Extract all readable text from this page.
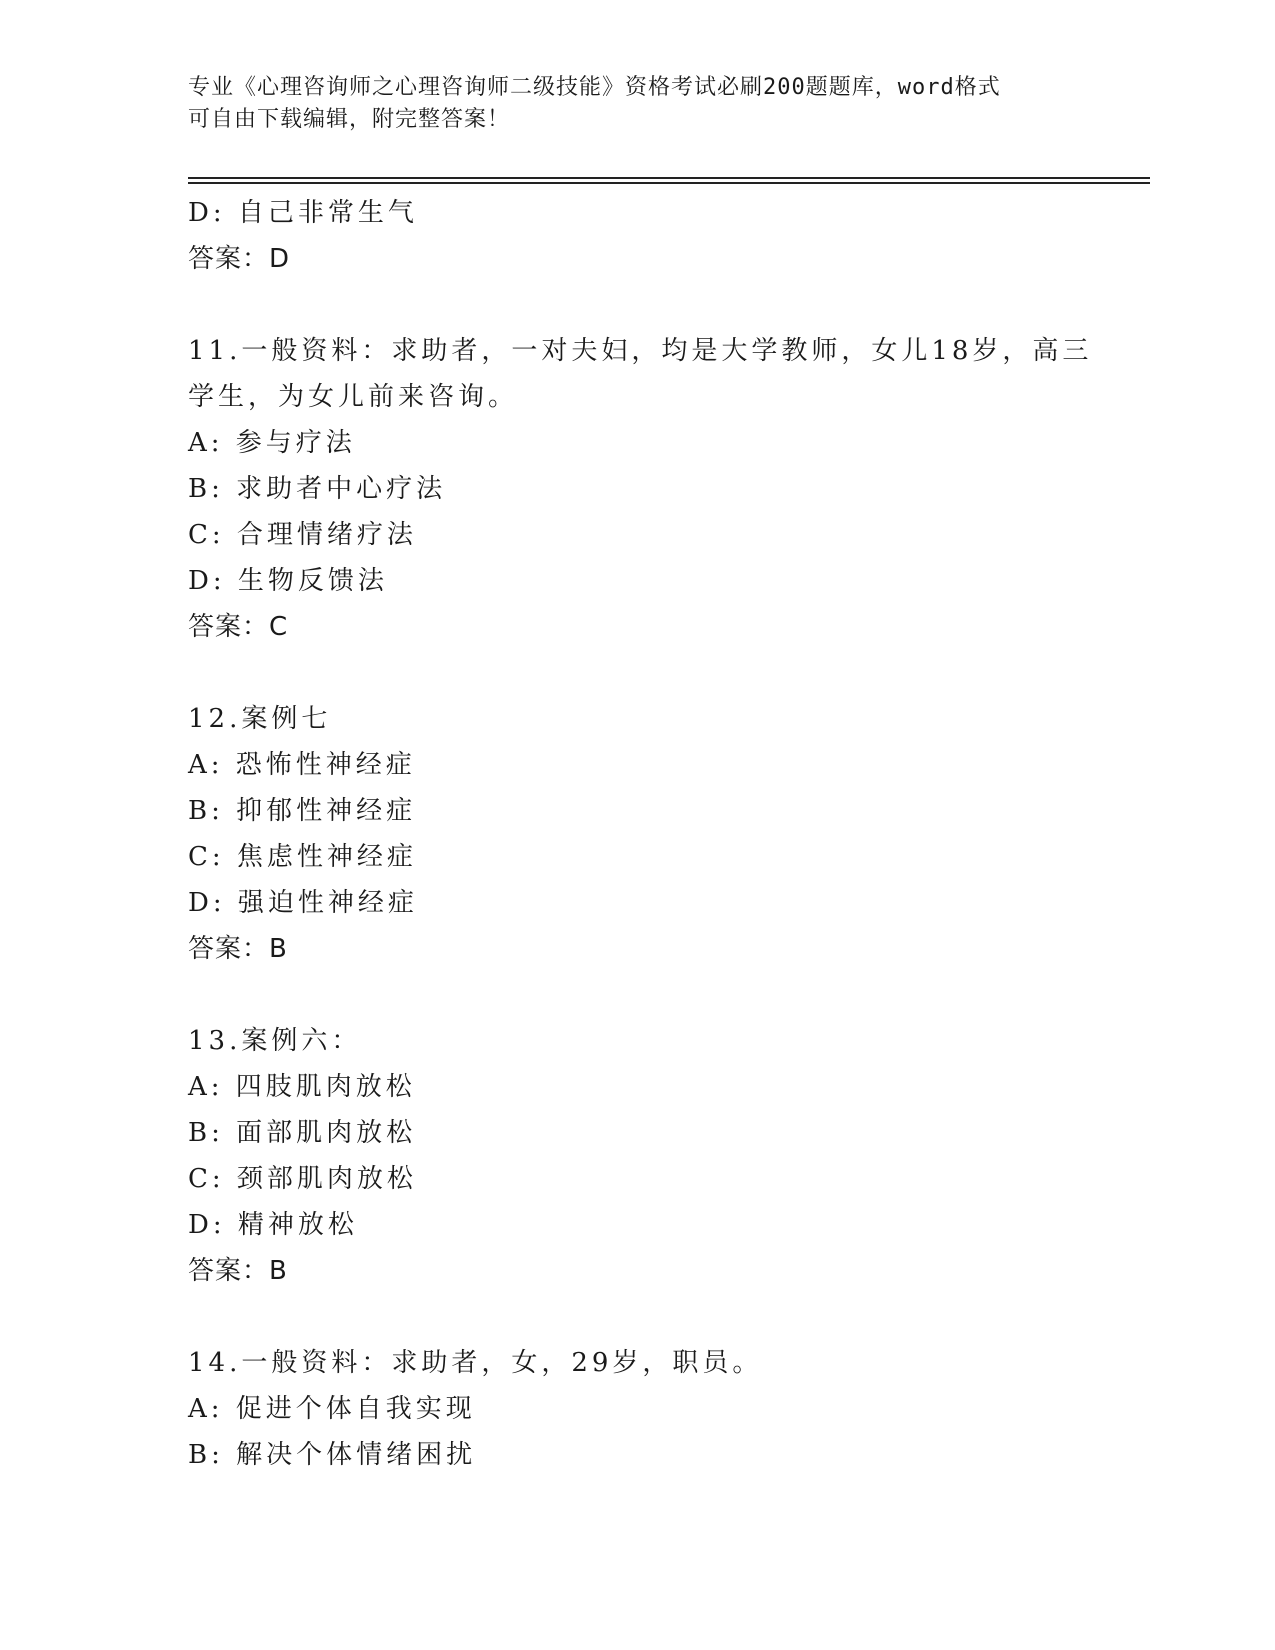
专业《心理咨询师之心理咨询师二级技能》资格考试必刷200题题库，word格式
可自由下载编辑，附完整答案！
D: 自己非常生气
答案：D
11.一般资料：求助者，一对夫妇，均是大学教师，女儿18岁，高三
学生，为女儿前来咨询。
A: 参与疗法
B: 求助者中心疗法
C: 合理情绪疗法
D: 生物反馈法
答案：C
12.案例七
A: 恐怖性神经症
B: 抑郁性神经症
C: 焦虑性神经症
D: 强迫性神经症
答案：B
13.案例六：
A: 四肢肌肉放松
B: 面部肌肉放松
C: 颈部肌肉放松
D: 精神放松
答案：B
14.一般资料：求助者，女，29岁，职员。
A: 促进个体自我实现
B: 解决个体情绪困扰
